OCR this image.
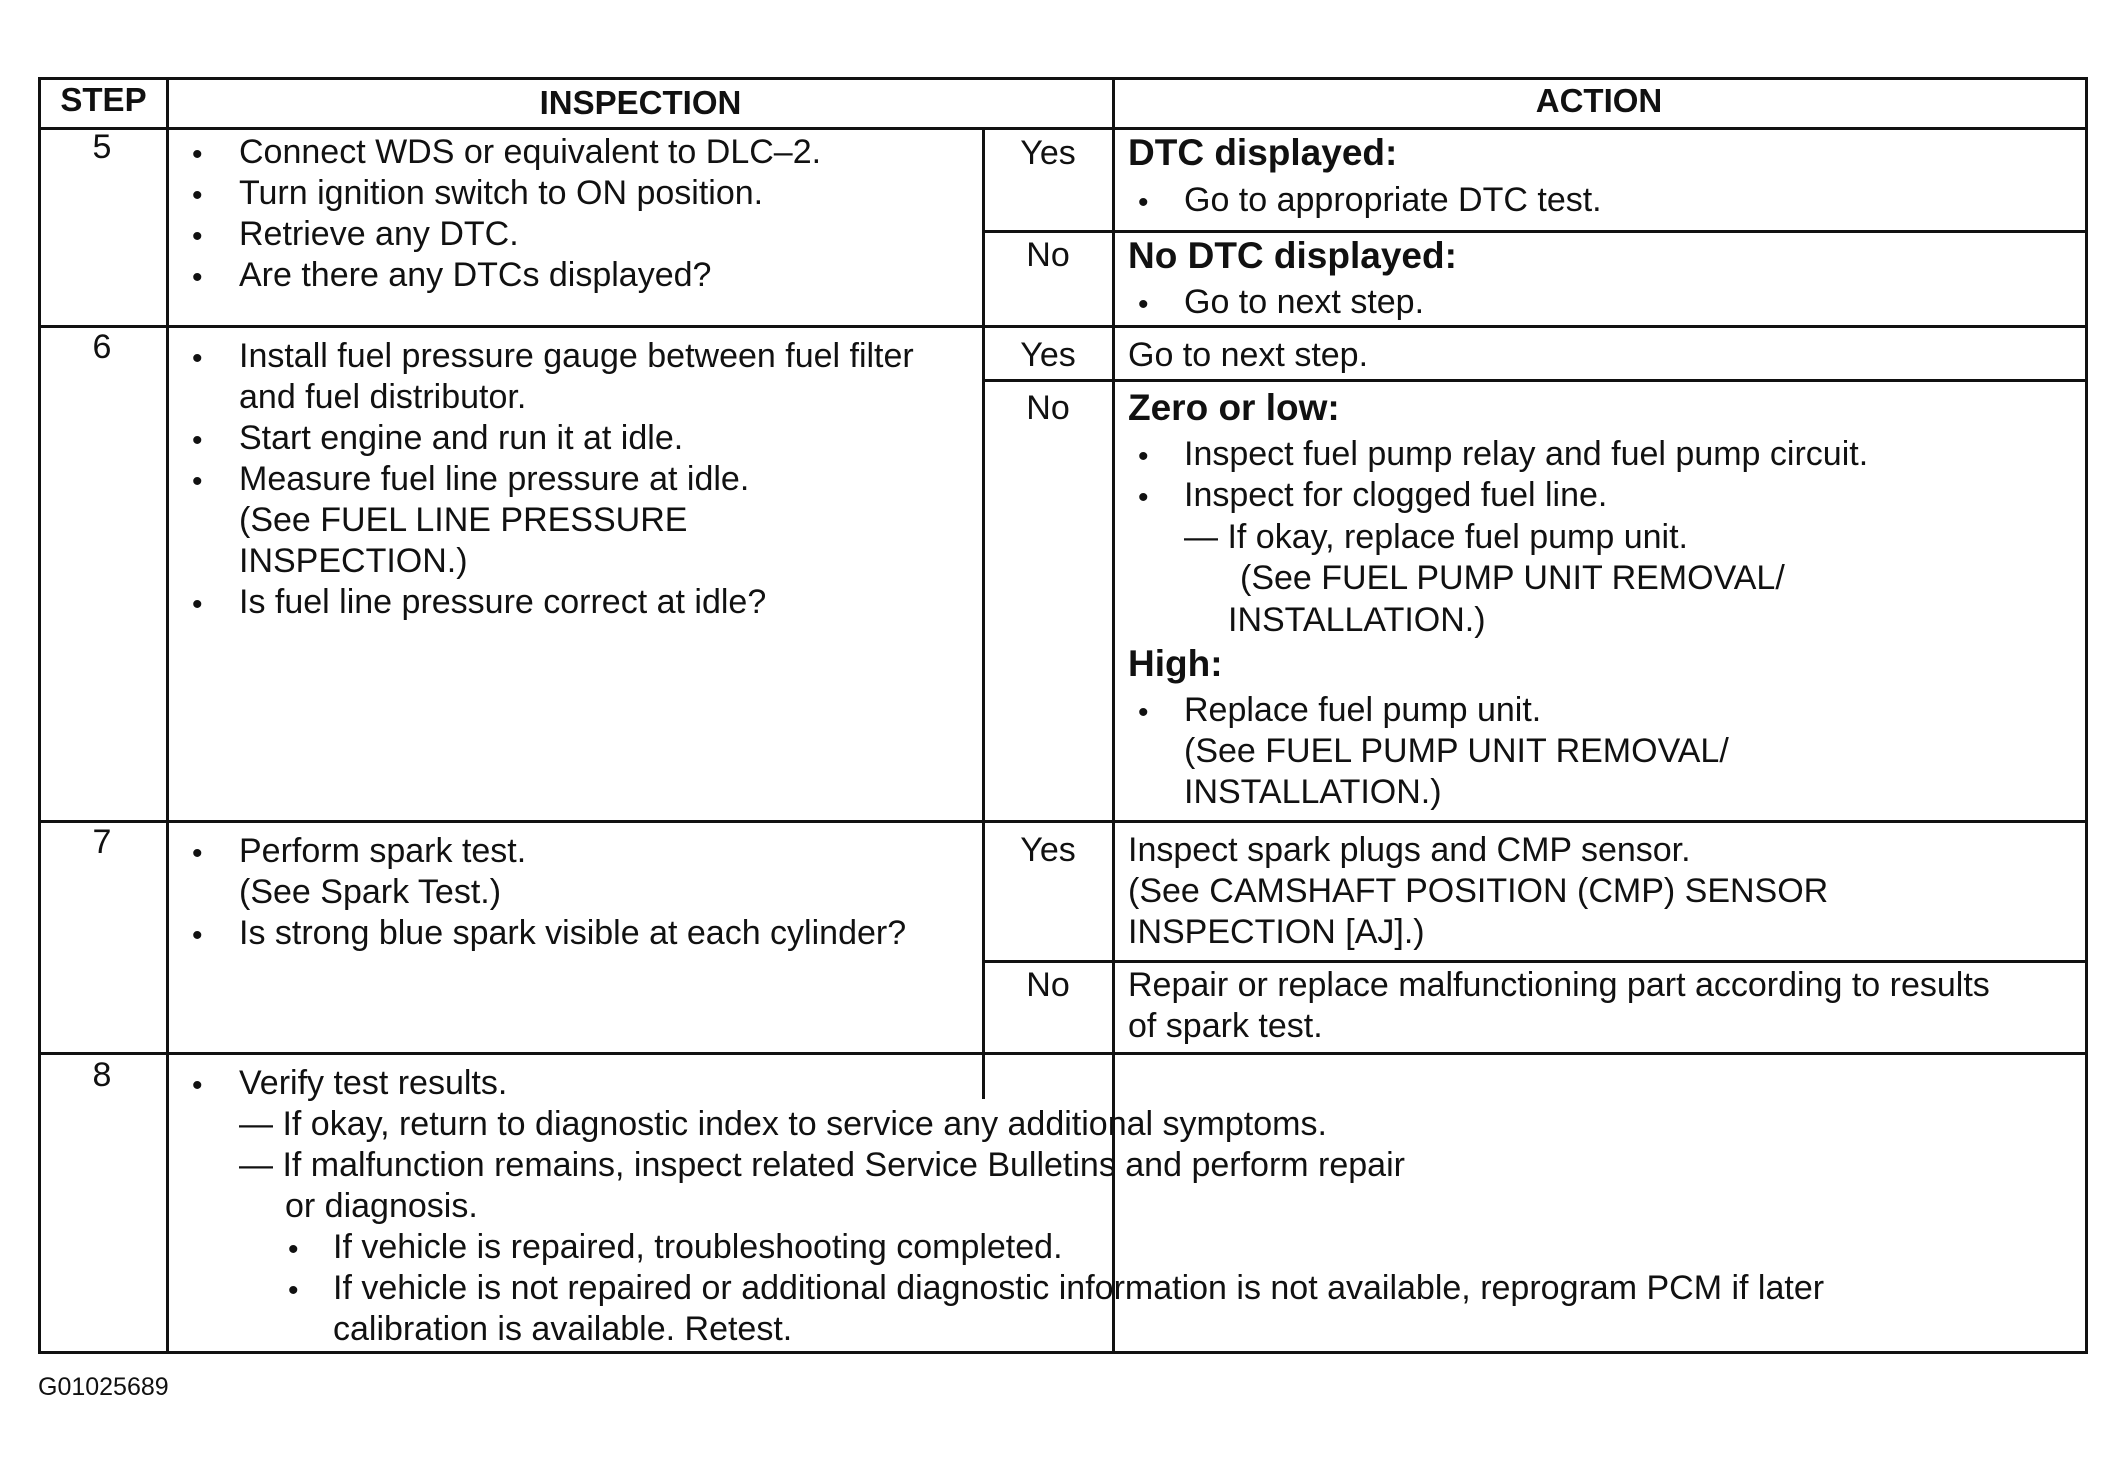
STEP	INSPECTION	ACTION
5	• Connect WDS or equivalent to DLC–2.
• Turn ignition switch to ON position.
• Retrieve any DTC.
• Are there any DTCs displayed?
Yes	DTC displayed:
• Go to appropriate DTC test.
No	No DTC displayed:
• Go to next step.
6	• Install fuel pressure gauge between fuel filter
and fuel distributor.
• Start engine and run it at idle.
• Measure fuel line pressure at idle.
(See FUEL LINE PRESSURE
INSPECTION.)
• Is fuel line pressure correct at idle?
Yes	Go to next step.
No	Zero or low:
• Inspect fuel pump relay and fuel pump circuit.
• Inspect for clogged fuel line.
— If okay, replace fuel pump unit.
(See FUEL PUMP UNIT REMOVAL/
INSTALLATION.)
High:
• Replace fuel pump unit.
(See FUEL PUMP UNIT REMOVAL/
INSTALLATION.)
7	• Perform spark test.
(See Spark Test.)
• Is strong blue spark visible at each cylinder?
Yes	Inspect spark plugs and CMP sensor.
(See CAMSHAFT POSITION (CMP) SENSOR
INSPECTION [AJ].)
No	Repair or replace malfunctioning part according to results
of spark test.
8	• Verify test results.
— If okay, return to diagnostic index to service any additional symptoms.
— If malfunction remains, inspect related Service Bulletins and perform repair
or diagnosis.
• If vehicle is repaired, troubleshooting completed.
• If vehicle is not repaired or additional diagnostic information is not available, reprogram PCM if later
calibration is available. Retest.
G01025689
